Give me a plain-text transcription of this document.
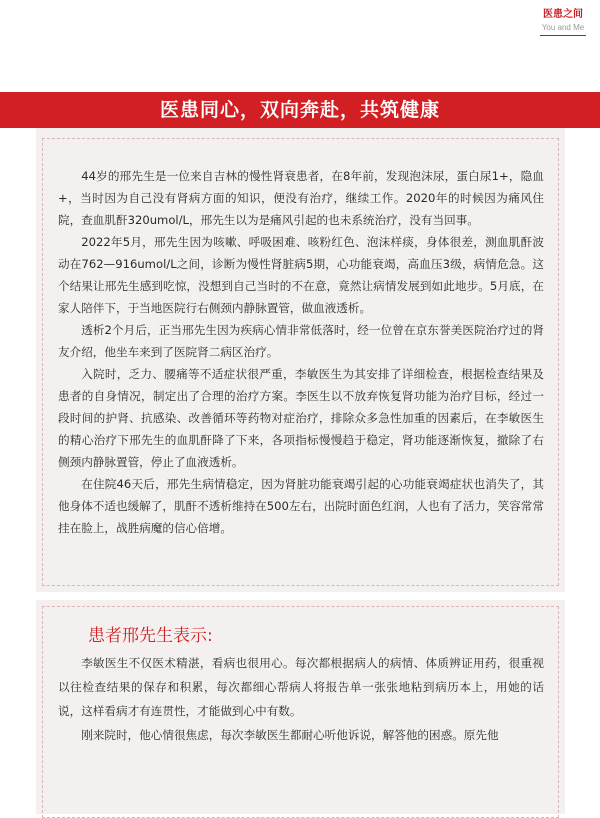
医患之间
You and Me
医患同心，双向奔赴，共筑健康

44岁的邢先生是一位来自吉林的慢性肾衰患者，在8年前，发现泡沫尿，蛋白尿1+，隐血+，当时因为自己没有肾病方面的知识，便没有治疗，继续工作。2020年的时候因为痛风住院，查血肌酐320umol/L，邢先生以为是痛风引起的也未系统治疗，没有当回事。

2022年5月，邢先生因为咳嗽、呼吸困难、咳粉红色、泡沫样痰，身体很差，测血肌酐波动在762—916umol/L之间，诊断为慢性肾脏病5期，心功能衰竭，高血压3级，病情危急。这个结果让邢先生感到吃惊，没想到自己当时的不在意，竟然让病情发展到如此地步。5月底，在家人陪伴下，于当地医院行右侧颈内静脉置管，做血液透析。

透析2个月后，正当邢先生因为疾病心情非常低落时，经一位曾在京东誉美医院治疗过的肾友介绍，他坐车来到了医院肾二病区治疗。

入院时，乏力、腰痛等不适症状很严重，李敏医生为其安排了详细检查，根据检查结果及患者的自身情况，制定出了合理的治疗方案。李医生以不放弃恢复肾功能为治疗目标，经过一段时间的护肾、抗感染、改善循环等药物对症治疗，排除众多急性加重的因素后，在李敏医生的精心治疗下邢先生的血肌酐降了下来，各项指标慢慢趋于稳定，肾功能逐渐恢复，撤除了右侧颈内静脉置管，停止了血液透析。

在住院46天后，邢先生病情稳定，因为肾脏功能衰竭引起的心功能衰竭症状也消失了，其他身体不适也缓解了，肌酐不透析维持在500左右，出院时面色红润，人也有了活力，笑容常常挂在脸上，战胜病魔的信心倍增。

患者邢先生表示:

李敏医生不仅医术精湛，看病也很用心。每次都根据病人的病情、体质辨证用药，很重视以往检查结果的保存和积累，每次都细心帮病人将报告单一张张地粘到病历本上，用她的话说，这样看病才有连贯性，才能做到心中有数。

刚来院时，他心情很焦虑，每次李敏医生都耐心听他诉说，解答他的困惑。原先他
